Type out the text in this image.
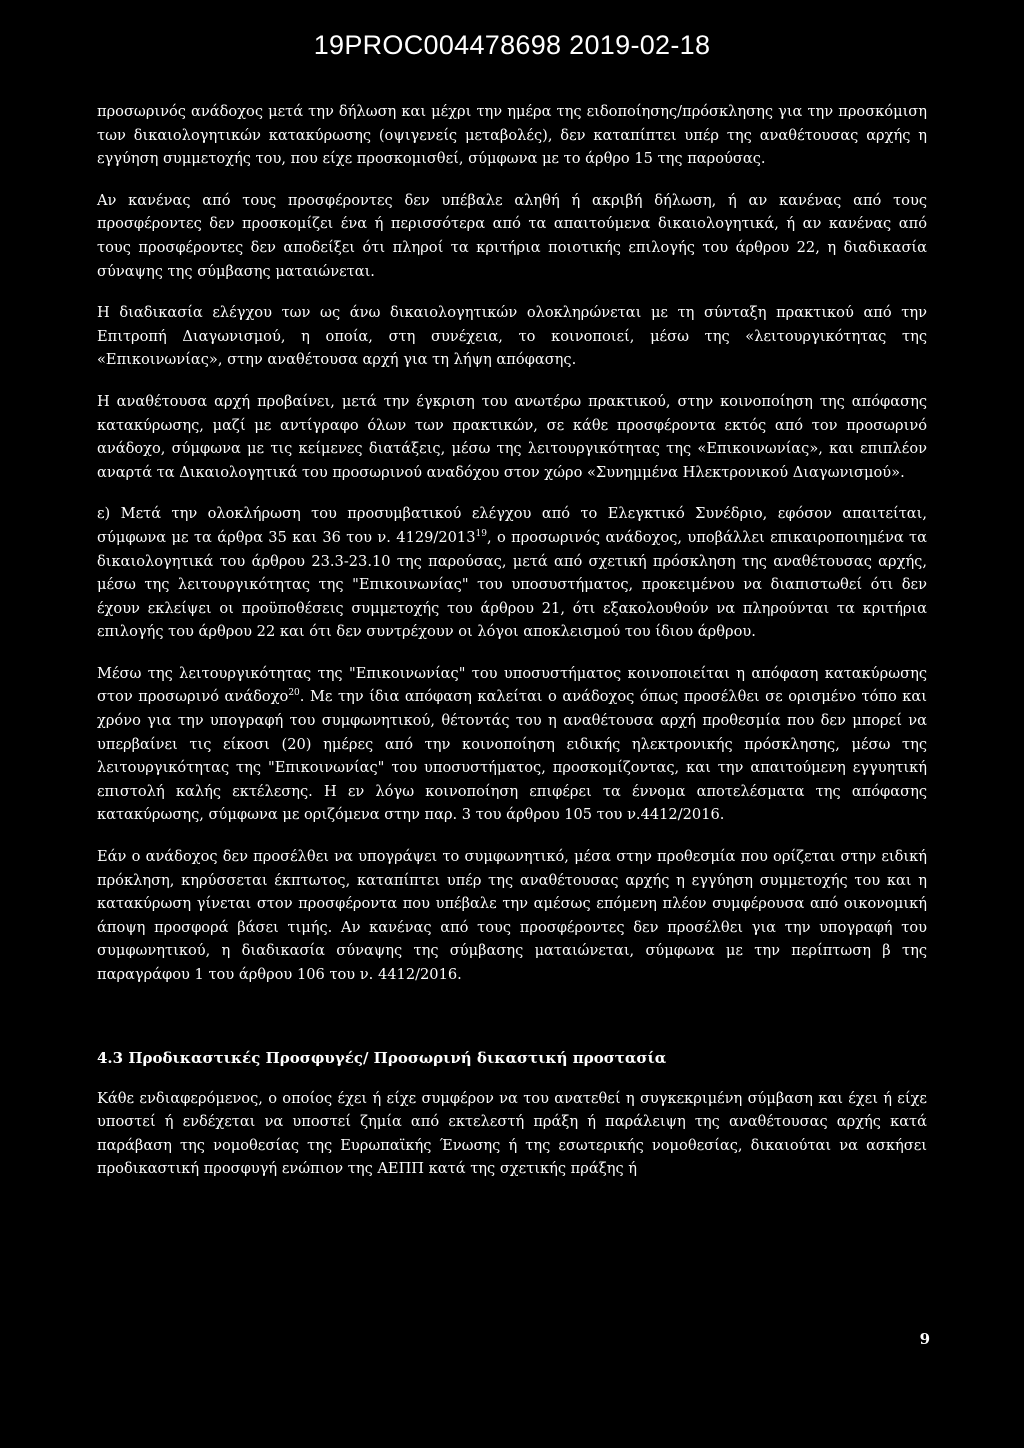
19PROC004478698 2019-02-18

προσωρινός ανάδοχος μετά την δήλωση και μέχρι την ημέρα της ειδοποίησης/πρόσκλησης για την προσκόμιση των δικαιολογητικών κατακύρωσης (οψιγενείς μεταβολές), δεν καταπίπτει υπέρ της αναθέτουσας αρχής η εγγύηση συμμετοχής του, που είχε προσκομισθεί, σύμφωνα με το άρθρο 15 της παρούσας.

Αν κανένας από τους προσφέροντες δεν υπέβαλε αληθή ή ακριβή δήλωση, ή αν κανένας από τους προσφέροντες δεν προσκομίζει ένα ή περισσότερα από τα απαιτούμενα δικαιολογητικά, ή αν κανένας από τους προσφέροντες δεν αποδείξει ότι πληροί τα κριτήρια ποιοτικής επιλογής του άρθρου 22, η διαδικασία σύναψης της σύμβασης ματαιώνεται.

Η διαδικασία ελέγχου των ως άνω δικαιολογητικών ολοκληρώνεται με τη σύνταξη πρακτικού από την Επιτροπή Διαγωνισμού, η οποία, στη συνέχεια, το κοινοποιεί, μέσω της «λειτουργικότητας της «Επικοινωνίας», στην αναθέτουσα αρχή για τη λήψη απόφασης.

Η αναθέτουσα αρχή προβαίνει, μετά την έγκριση του ανωτέρω πρακτικού, στην κοινοποίηση της απόφασης κατακύρωσης, μαζί με αντίγραφο όλων των πρακτικών, σε κάθε προσφέροντα εκτός από τον προσωρινό ανάδοχο, σύμφωνα με τις κείμενες διατάξεις, μέσω της λειτουργικότητας της «Επικοινωνίας», και επιπλέον αναρτά τα Δικαιολογητικά του προσωρινού αναδόχου στον χώρο «Συνημμένα Ηλεκτρονικού Διαγωνισμού».

ε) Μετά την ολοκλήρωση του προσυμβατικού ελέγχου από το Ελεγκτικό Συνέδριο, εφόσον απαιτείται, σύμφωνα με τα άρθρα 35 και 36 του ν. 4129/2013$^{19}$, ο προσωρινός ανάδοχος, υποβάλλει επικαιροποιημένα τα δικαιολογητικά του άρθρου 23.3-23.10 της παρούσας, μετά από σχετική πρόσκληση της αναθέτουσας αρχής, μέσω της λειτουργικότητας της "Επικοινωνίας" του υποσυστήματος, προκειμένου να διαπιστωθεί ότι δεν έχουν εκλείψει οι προϋποθέσεις συμμετοχής του άρθρου 21, ότι εξακολουθούν να πληρούνται τα κριτήρια επιλογής του άρθρου 22 και ότι δεν συντρέχουν οι λόγοι αποκλεισμού του ίδιου άρθρου.

Μέσω της λειτουργικότητας της "Επικοινωνίας" του υποσυστήματος κοινοποιείται η απόφαση κατακύρωσης στον προσωρινό ανάδοχο$^{20}$. Με την ίδια απόφαση καλείται ο ανάδοχος όπως προσέλθει σε ορισμένο τόπο και χρόνο για την υπογραφή του συμφωνητικού, θέτοντάς του η αναθέτουσα αρχή προθεσμία που δεν μπορεί να υπερβαίνει τις είκοσι (20) ημέρες από την κοινοποίηση ειδικής ηλεκτρονικής πρόσκλησης, μέσω της λειτουργικότητας της "Επικοινωνίας" του υποσυστήματος, προσκομίζοντας, και την απαιτούμενη εγγυητική επιστολή καλής εκτέλεσης. Η εν λόγω κοινοποίηση επιφέρει τα έννομα αποτελέσματα της απόφασης κατακύρωσης, σύμφωνα με οριζόμενα στην παρ. 3 του άρθρου 105 του ν.4412/2016.

Εάν ο ανάδοχος δεν προσέλθει να υπογράψει το συμφωνητικό, μέσα στην προθεσμία που ορίζεται στην ειδική πρόκληση, κηρύσσεται έκπτωτος, καταπίπτει υπέρ της αναθέτουσας αρχής η εγγύηση συμμετοχής του και η κατακύρωση γίνεται στον προσφέροντα που υπέβαλε την αμέσως επόμενη πλέον συμφέρουσα από οικονομική άποψη προσφορά βάσει τιμής. Αν κανένας από τους προσφέροντες δεν προσέλθει για την υπογραφή του συμφωνητικού, η διαδικασία σύναψης της σύμβασης ματαιώνεται, σύμφωνα με την περίπτωση β της παραγράφου 1 του άρθρου 106 του ν. 4412/2016.

4.3 Προδικαστικές Προσφυγές/ Προσωρινή δικαστική προστασία

Κάθε ενδιαφερόμενος, ο οποίος έχει ή είχε συμφέρον να του ανατεθεί η συγκεκριμένη σύμβαση και έχει ή είχε υποστεί ή ενδέχεται να υποστεί ζημία από εκτελεστή πράξη ή παράλειψη της αναθέτουσας αρχής κατά παράβαση της νομοθεσίας της Ευρωπαϊκής Ένωσης ή της εσωτερικής νομοθεσίας, δικαιούται να ασκήσει προδικαστική προσφυγή ενώπιον της ΑΕΠΠ κατά της σχετικής πράξης ή

9
